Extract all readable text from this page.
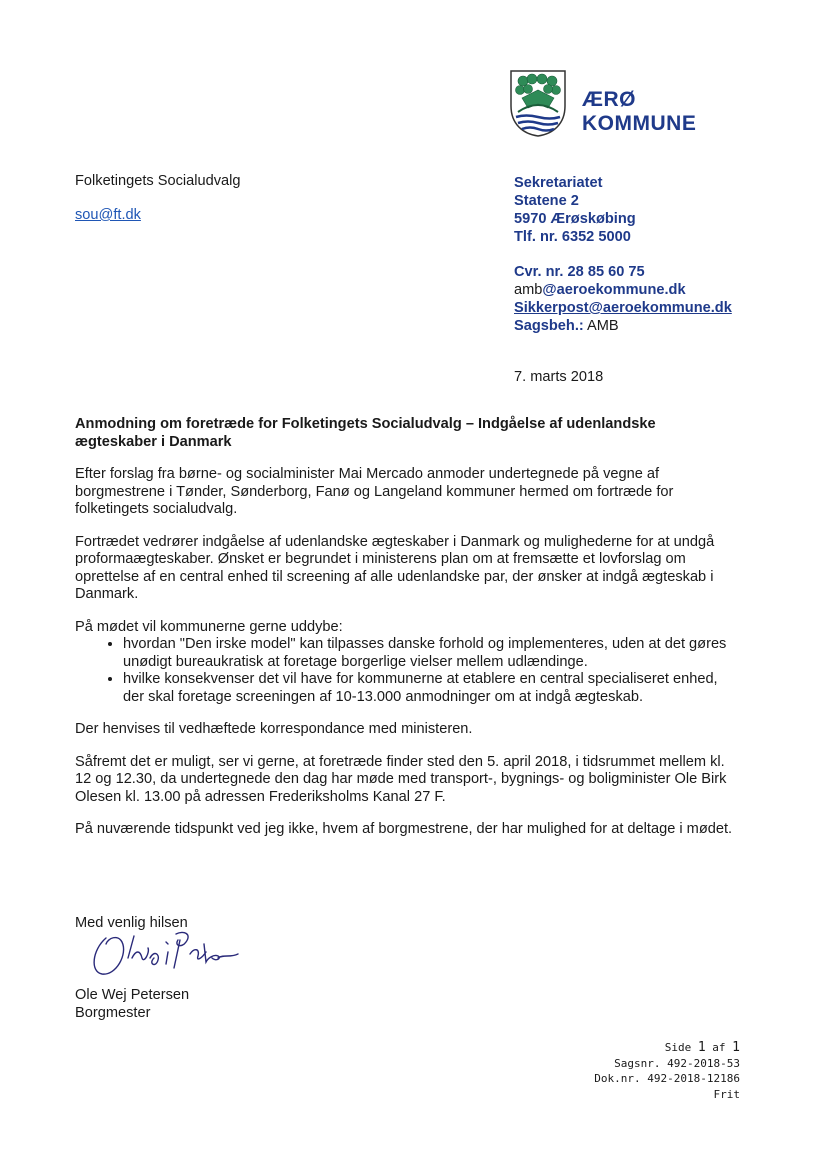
ÆRØ
KOMMUNE
Folketingets Socialudvalg
sou@ft.dk
Sekretariatet
Statene 2
5970 Ærøskøbing
Tlf. nr. 6352 5000
Cvr. nr. 28 85 60 75
amb@aeroekommune.dk
Sikkerpost@aeroekommune.dk
Sagsbeh.: AMB
7. marts 2018

Anmodning om foretræde for Folketingets Socialudvalg – Indgåelse af udenlandske ægteskaber i Danmark

Efter forslag fra børne- og socialminister Mai Mercado anmoder undertegnede på vegne af borgmestrene i Tønder, Sønderborg, Fanø og Langeland kommuner hermed om fortræde for folketingets socialudvalg.

Fortrædet vedrører indgåelse af udenlandske ægteskaber i Danmark og mulighederne for at undgå proformaægteskaber. Ønsket er begrundet i ministerens plan om at fremsætte et lovforslag om oprettelse af en central enhed til screening af alle udenlandske par, der ønsker at indgå ægteskab i Danmark.

På mødet vil kommunerne gerne uddybe:

• hvordan "Den irske model" kan tilpasses danske forhold og implementeres, uden at det gøres unødigt bureaukratisk at foretage borgerlige vielser mellem udlændinge.
• hvilke konsekvenser det vil have for kommunerne at etablere en central specialiseret enhed, der skal foretage screeningen af 10-13.000 anmodninger om at indgå ægteskab.

Der henvises til vedhæftede korrespondance med ministeren.

Såfremt det er muligt, ser vi gerne, at foretræde finder sted den 5. april 2018, i tidsrummet mellem kl. 12 og 12.30, da undertegnede den dag har møde med transport-, bygnings- og boligminister Ole Birk Olesen kl. 13.00 på adressen Frederiksholms Kanal 27 F.

På nuværende tidspunkt ved jeg ikke, hvem af borgmestrene, der har mulighed for at deltage i mødet.

Med venlig hilsen
Ole Wej Petersen
Borgmester
Side 1 af 1
Sagsnr. 492-2018-53
Dok.nr. 492-2018-12186
Frit
